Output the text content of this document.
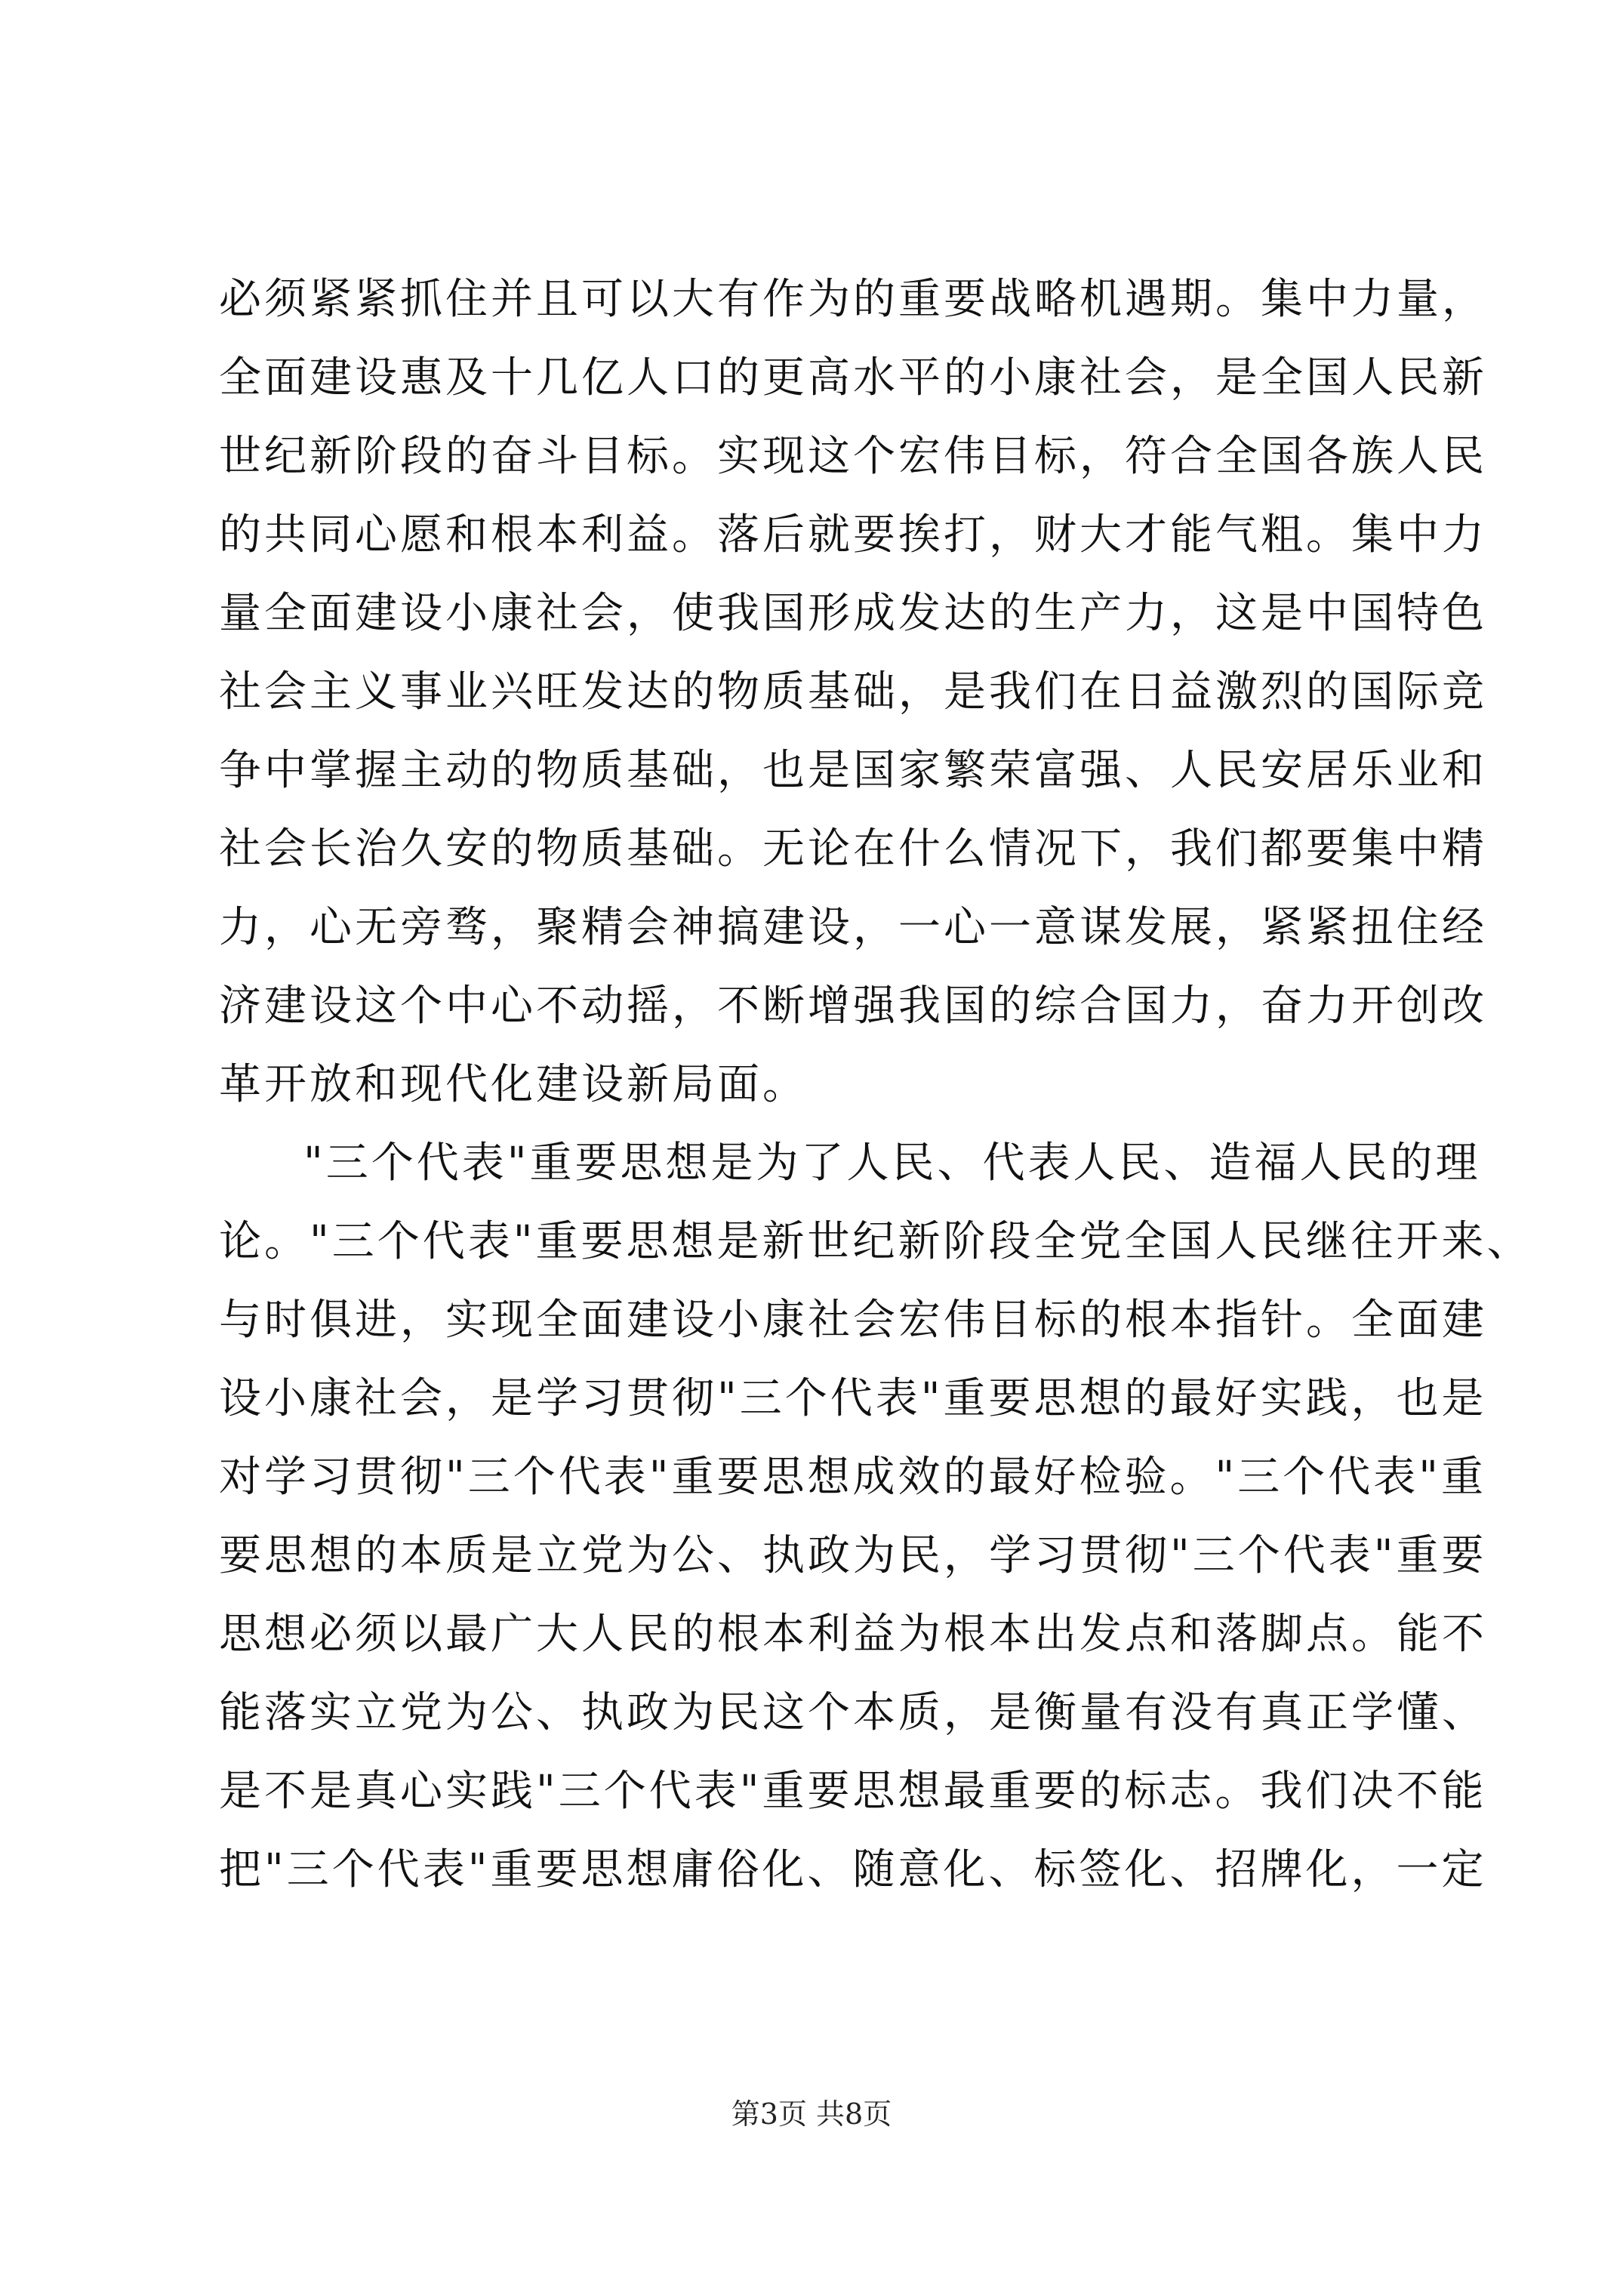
必须紧紧抓住并且可以大有作为的重要战略机遇期。集中力量，
全面建设惠及十几亿人口的更高水平的小康社会，是全国人民新
世纪新阶段的奋斗目标。实现这个宏伟目标，符合全国各族人民
的共同心愿和根本利益。落后就要挨打，财大才能气粗。集中力
量全面建设小康社会，使我国形成发达的生产力，这是中国特色
社会主义事业兴旺发达的物质基础，是我们在日益激烈的国际竞
争中掌握主动的物质基础，也是国家繁荣富强、人民安居乐业和
社会长治久安的物质基础。无论在什么情况下，我们都要集中精
力，心无旁骛，聚精会神搞建设，一心一意谋发展，紧紧扭住经
济建设这个中心不动摇，不断增强我国的综合国力，奋力开创改
革开放和现代化建设新局面。
"三个代表"重要思想是为了人民、代表人民、造福人民的理
论。"三个代表"重要思想是新世纪新阶段全党全国人民继往开来、
与时俱进，实现全面建设小康社会宏伟目标的根本指针。全面建
设小康社会，是学习贯彻"三个代表"重要思想的最好实践，也是
对学习贯彻"三个代表"重要思想成效的最好检验。"三个代表"重
要思想的本质是立党为公、执政为民，学习贯彻"三个代表"重要
思想必须以最广大人民的根本利益为根本出发点和落脚点。能不
能落实立党为公、执政为民这个本质，是衡量有没有真正学懂、
是不是真心实践"三个代表"重要思想最重要的标志。我们决不能
把"三个代表"重要思想庸俗化、随意化、标签化、招牌化，一定
第3页 共8页
